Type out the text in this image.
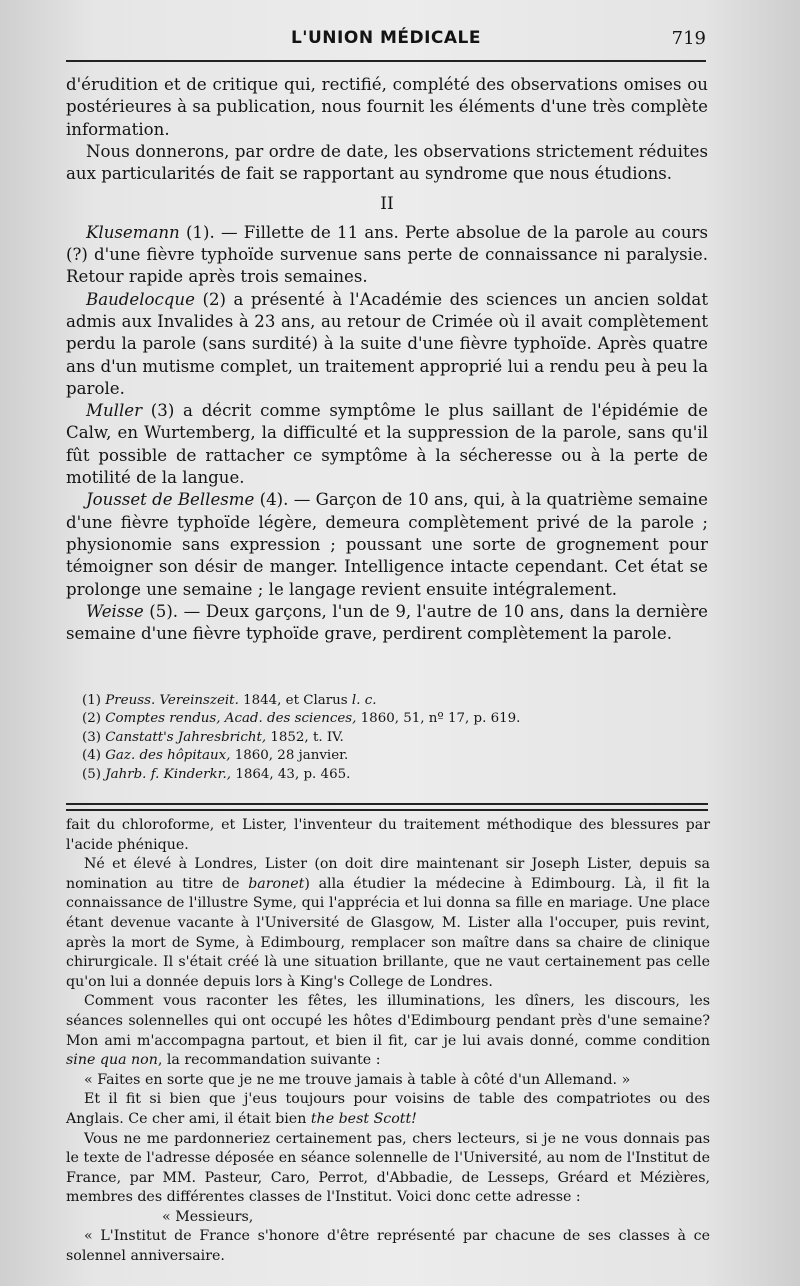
L'UNION MÉDICALE	719

d'érudition et de critique qui, rectifié, complété des observations omises ou postérieures à sa publication, nous fournit les éléments d'une très complète information.

Nous donnerons, par ordre de date, les observations strictement réduites aux particularités de fait se rapportant au syndrome que nous étudions.

II

Klusemann (1). — Fillette de 11 ans. Perte absolue de la parole au cours (?) d'une fièvre typhoïde survenue sans perte de connaissance ni paralysie. Retour rapide après trois semaines.

Baudelocque (2) a présenté à l'Académie des sciences un ancien soldat admis aux Invalides à 23 ans, au retour de Crimée où il avait complètement perdu la parole (sans surdité) à la suite d'une fièvre typhoïde. Après quatre ans d'un mutisme complet, un traitement approprié lui a rendu peu à peu la parole.

Muller (3) a décrit comme symptôme le plus saillant de l'épidémie de Calw, en Wurtemberg, la difficulté et la suppression de la parole, sans qu'il fût possible de rattacher ce symptôme à la sécheresse ou à la perte de motilité de la langue.

Jousset de Bellesme (4). — Garçon de 10 ans, qui, à la quatrième semaine d'une fièvre typhoïde légère, demeura complètement privé de la parole ; physionomie sans expression ; poussant une sorte de grognement pour témoigner son désir de manger. Intelligence intacte cependant. Cet état se prolonge une semaine ; le langage revient ensuite intégralement.

Weisse (5). — Deux garçons, l'un de 9, l'autre de 10 ans, dans la dernière semaine d'une fièvre typhoïde grave, perdirent complètement la parole.

(1) Preuss. Vereinszeit. 1844, et Clarus l. c.
(2) Comptes rendus, Acad. des sciences, 1860, 51, nº 17, p. 619.
(3) Canstatt's Jahresbricht, 1852, t. IV.
(4) Gaz. des hôpitaux, 1860, 28 janvier.
(5) Jahrb. f. Kinderkr., 1864, 43, p. 465.

fait du chloroforme, et Lister, l'inventeur du traitement méthodique des blessures par l'acide phénique.

Né et élevé à Londres, Lister (on doit dire maintenant sir Joseph Lister, depuis sa nomination au titre de baronet) alla étudier la médecine à Edimbourg. Là, il fit la connaissance de l'illustre Syme, qui l'apprécia et lui donna sa fille en mariage. Une place étant devenue vacante à l'Université de Glasgow, M. Lister alla l'occuper, puis revint, après la mort de Syme, à Edimbourg, remplacer son maître dans sa chaire de clinique chirurgicale. Il s'était créé là une situation brillante, que ne vaut certainement pas celle qu'on lui a donnée depuis lors à King's College de Londres.

Comment vous raconter les fêtes, les illuminations, les dîners, les discours, les séances solennelles qui ont occupé les hôtes d'Edimbourg pendant près d'une semaine? Mon ami m'accompagna partout, et bien il fit, car je lui avais donné, comme condition sine qua non, la recommandation suivante :

« Faites en sorte que je ne me trouve jamais à table à côté d'un Allemand. »

Et il fit si bien que j'eus toujours pour voisins de table des compatriotes ou des Anglais. Ce cher ami, il était bien the best Scott!

Vous ne me pardonneriez certainement pas, chers lecteurs, si je ne vous donnais pas le texte de l'adresse déposée en séance solennelle de l'Université, au nom de l'Institut de France, par MM. Pasteur, Caro, Perrot, d'Abbadie, de Lesseps, Gréard et Mézières, membres des différentes classes de l'Institut. Voici donc cette adresse :

« Messieurs,

« L'Institut de France s'honore d'être représenté par chacune de ses classes à ce solennel anniversaire.
